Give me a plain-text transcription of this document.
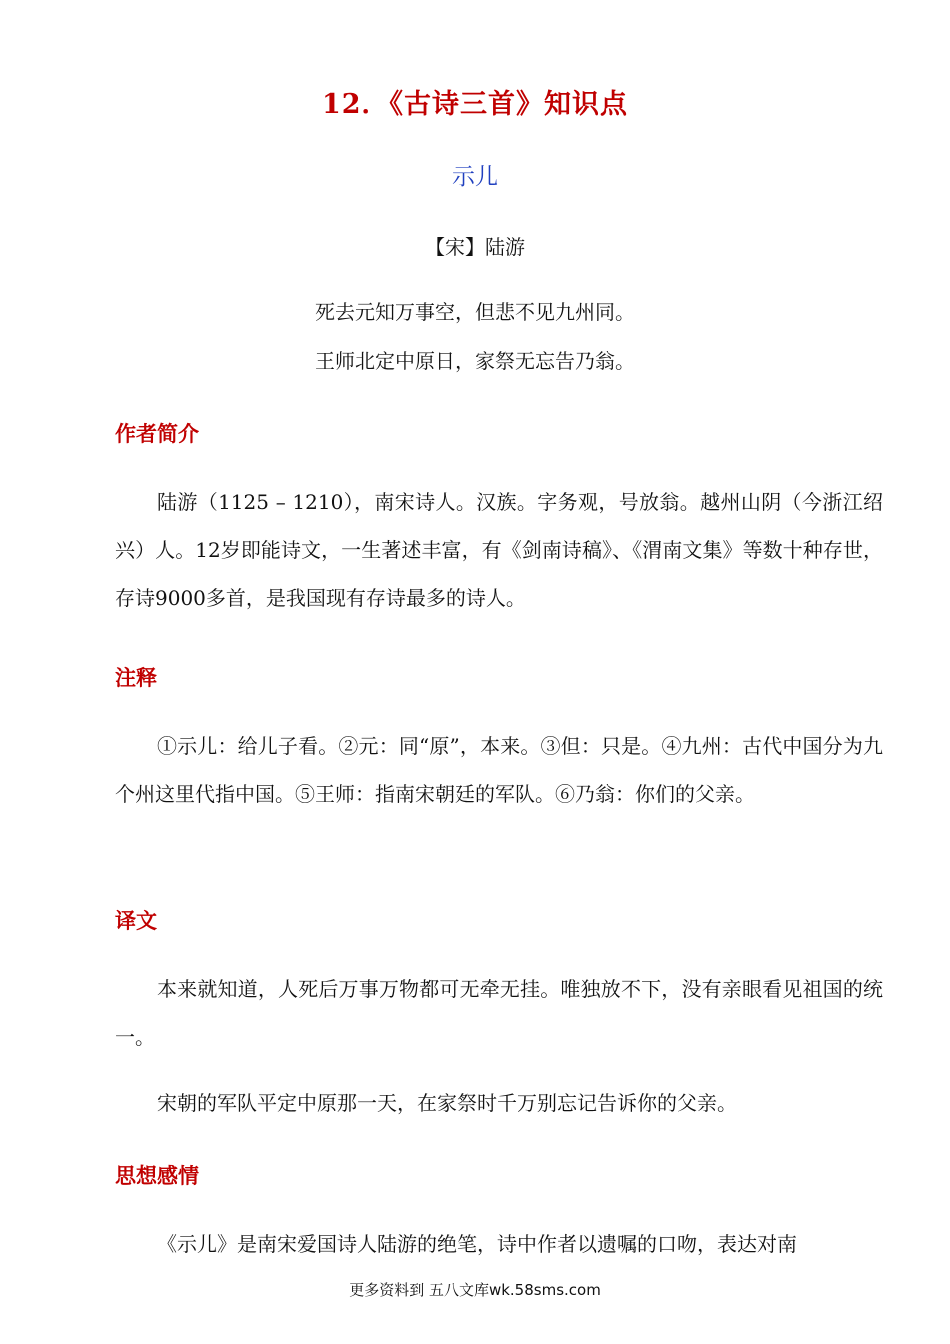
12．《古诗三首》知识点
示儿
【宋】陆游
死去元知万事空，但悲不见九州同。
王师北定中原日，家祭无忘告乃翁。
作者简介
陆游（1125 – 1210），南宋诗人。汉族。字务观，号放翁。越州山阴（今浙江绍兴）人。12岁即能诗文，一生著述丰富，有《剑南诗稿》、《渭南文集》等数十种存世，存诗9000多首，是我国现有存诗最多的诗人。
注释
①示儿：给儿子看。②元：同“原”，本来。③但：只是。④九州：古代中国分为九个州这里代指中国。⑤王师：指南宋朝廷的军队。⑥乃翁：你们的父亲。
译文
本来就知道，人死后万事万物都可无牵无挂。唯独放不下，没有亲眼看见祖国的统一。
宋朝的军队平定中原那一天，在家祭时千万别忘记告诉你的父亲。
思想感情
《示儿》是南宋爱国诗人陆游的绝笔，诗中作者以遗嘱的口吻，表达对南
更多资料到 五八文库wk.58sms.com
